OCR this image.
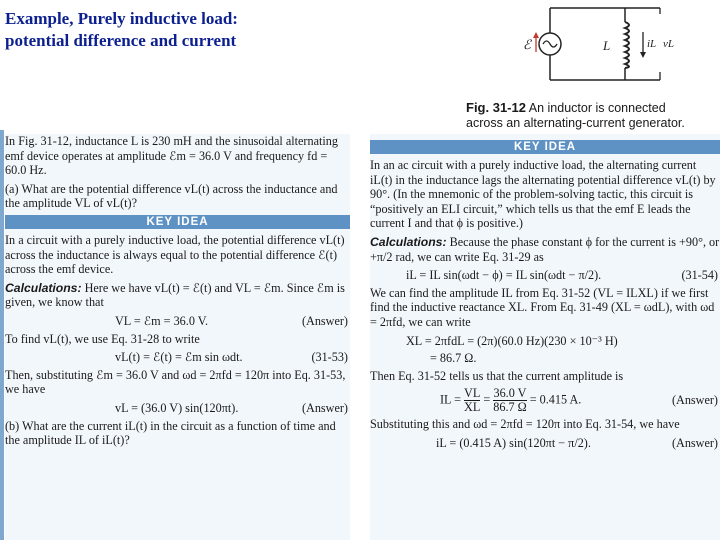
Example, Purely inductive load:
potential difference and current	ℰ	L	iL vL
Fig. 31-12 An inductor is connected
across an alternating-current generator.

In Fig. 31-12, inductance L is 230 mH and the sinusoidal alternating emf device operates at amplitude ℰm = 36.0 V and frequency fd = 60.0 Hz.

(a) What are the potential difference vL(t) across the inductance and the amplitude VL of vL(t)?

KEY IDEA

In a circuit with a purely inductive load, the potential difference vL(t) across the inductance is always equal to the potential difference ℰ(t) across the emf device.

Calculations: Here we have vL(t) = ℰ(t) and VL = ℰm. Since ℰm is given, we know that

VL = ℰm = 36.0 V.	(Answer)

To find vL(t), we use Eq. 31-28 to write

vL(t) = ℰ(t) = ℰm sin ωdt.	(31-53)

Then, substituting ℰm = 36.0 V and ωd = 2πfd = 120π into Eq. 31-53, we have

vL = (36.0 V) sin(120πt).	(Answer)

(b) What are the current iL(t) in the circuit as a function of time and the amplitude IL of iL(t)?

KEY IDEA

In an ac circuit with a purely inductive load, the alternating current iL(t) in the inductance lags the alternating potential difference vL(t) by 90°. (In the mnemonic of the problem-solving tactic, this circuit is “positively an ELI circuit,” which tells us that the emf E leads the current I and that ϕ is positive.)

Calculations: Because the phase constant ϕ for the current is +90°, or +π/2 rad, we can write Eq. 31-29 as

iL = IL sin(ωdt − ϕ) = IL sin(ωdt − π/2).	(31-54)

We can find the amplitude IL from Eq. 31-52 (VL = ILXL) if we first find the inductive reactance XL. From Eq. 31-49 (XL = ωdL), with ωd = 2πfd, we can write

XL = 2πfdL = (2π)(60.0 Hz)(230 × 10⁻³ H)
= 86.7 Ω.

Then Eq. 31-52 tells us that the current amplitude is

IL = $\frac{VL}{XL} = \frac{36.0 V}{86.7 \Omega} = 0.415$ A.	(Answer)

Substituting this and ωd = 2πfd = 120π into Eq. 31-54, we have

iL = (0.415 A) sin(120πt − π/2).	(Answer)
